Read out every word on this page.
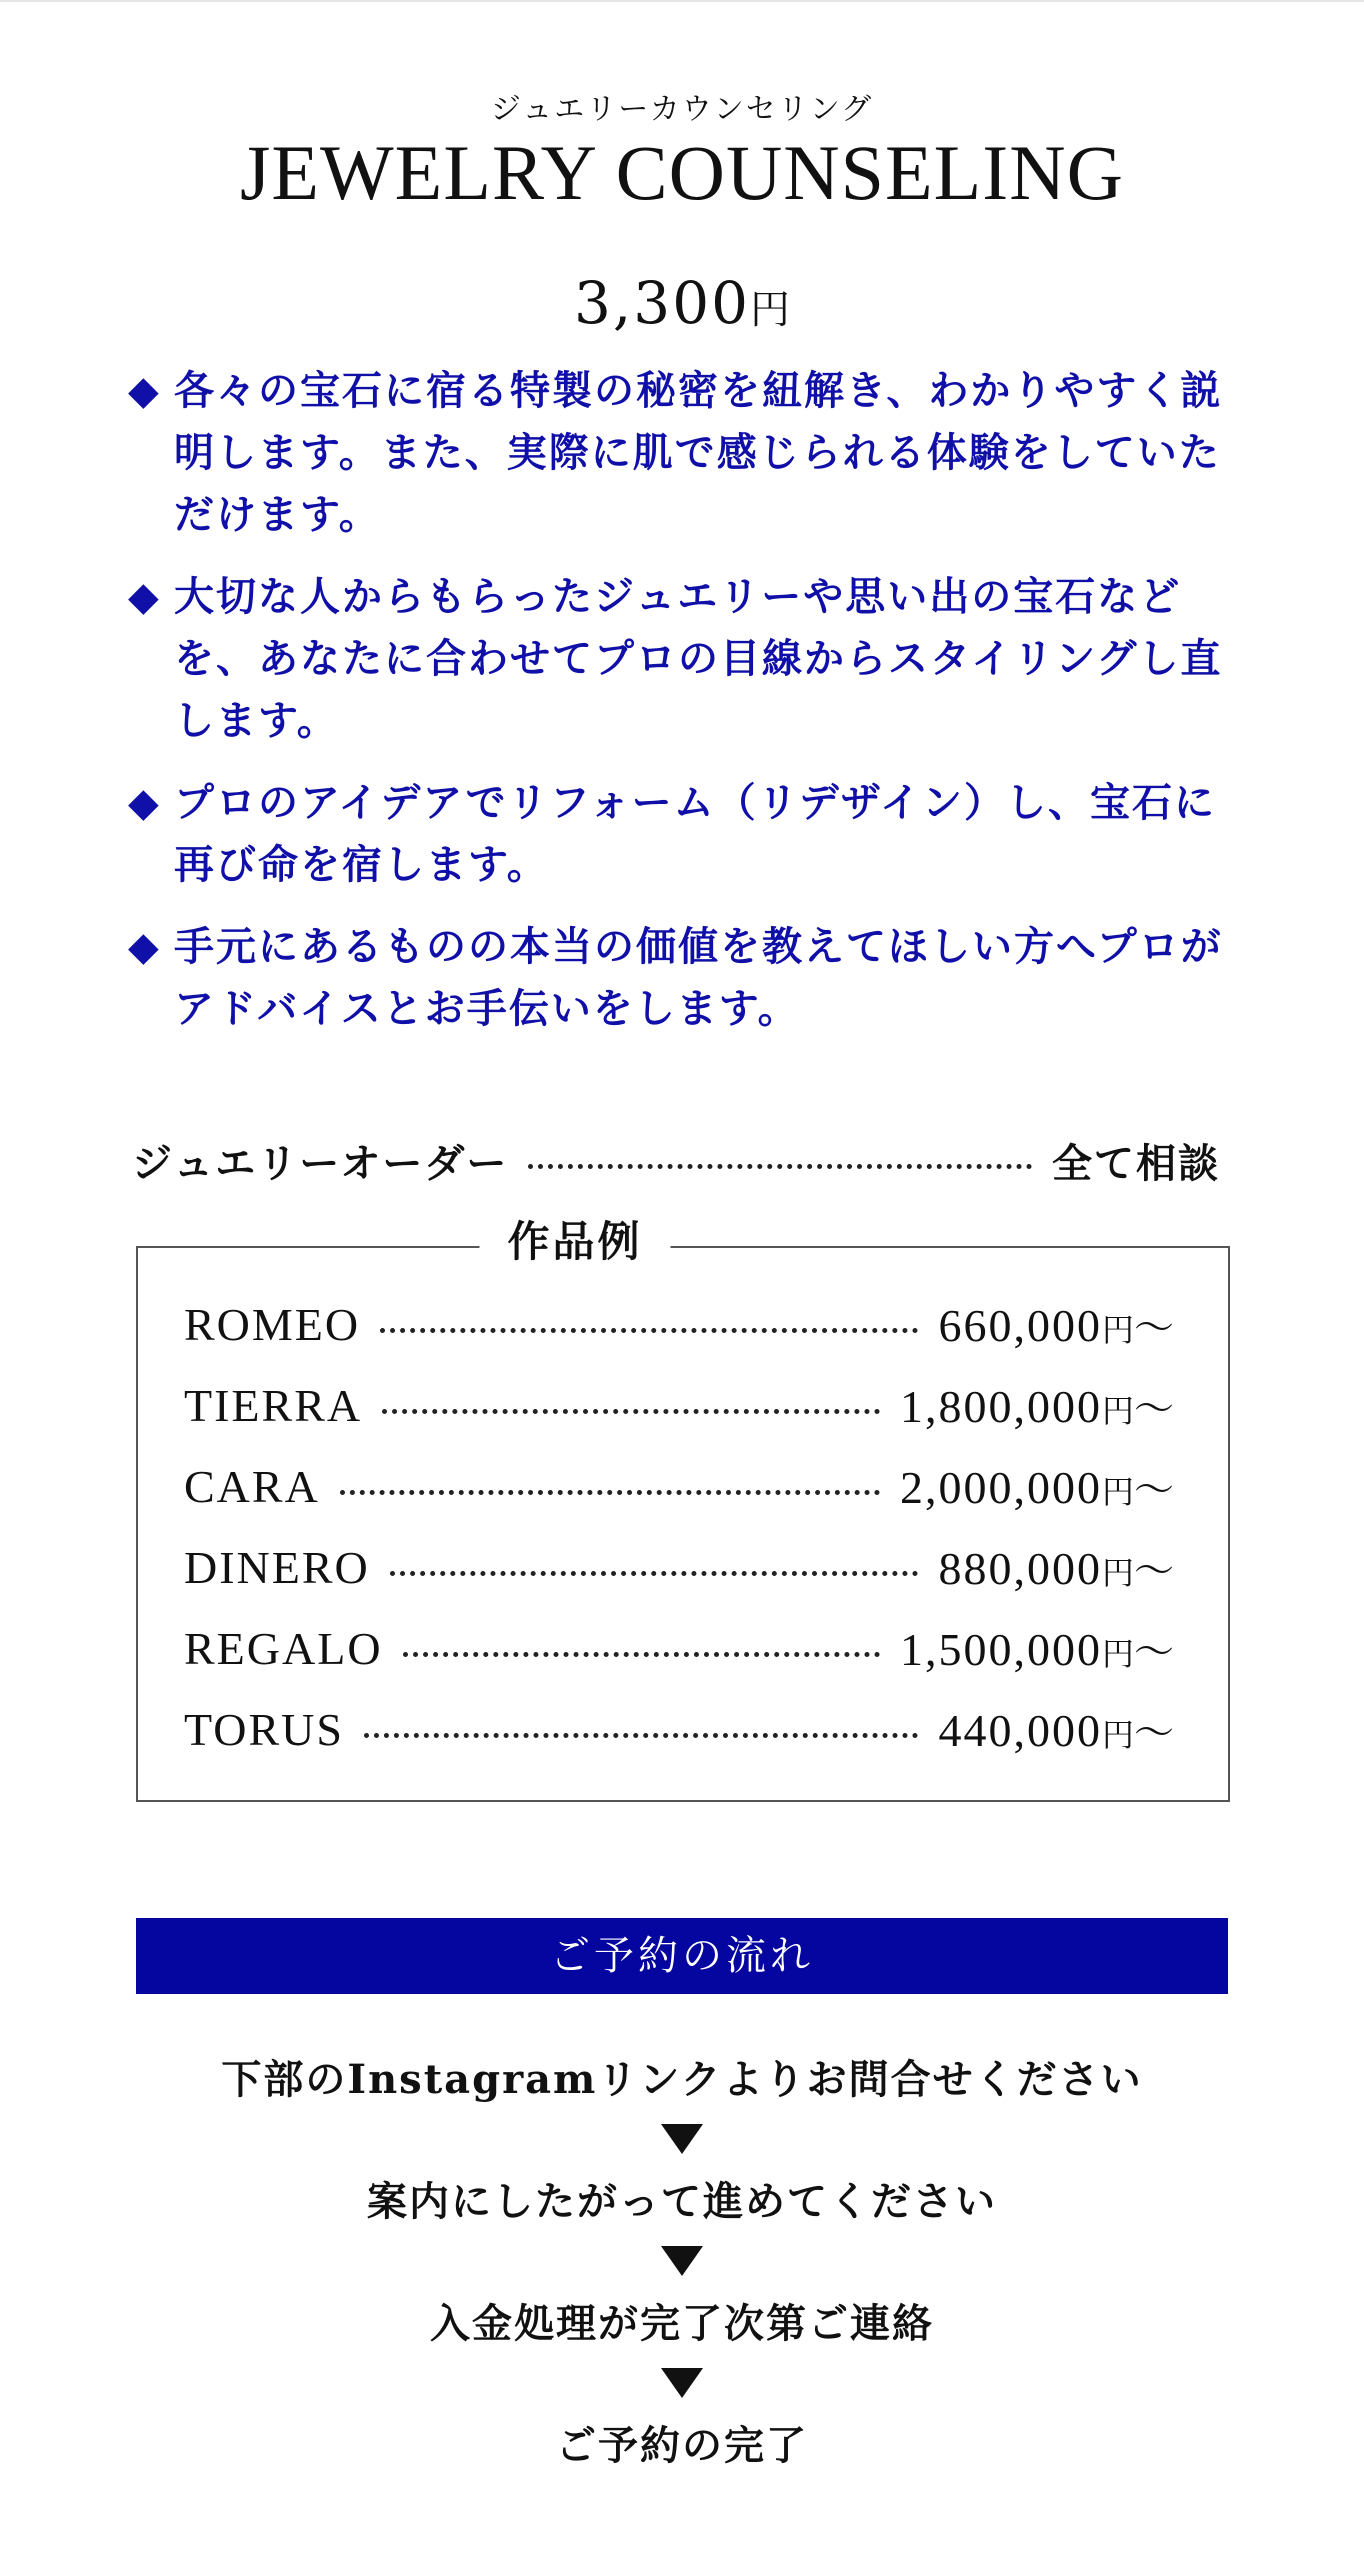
ジュエリーカウンセリング
JEWELRY COUNSELING
3,300円
◆ 各々の宝石に宿る特製の秘密を紐解き、わかりやすく説明します。また、実際に肌で感じられる体験をしていただけます。
◆ 大切な人からもらったジュエリーや思い出の宝石などを、あなたに合わせてプロの目線からスタイリングし直します。
◆ プロのアイデアでリフォーム（リデザイン）し、宝石に再び命を宿します。
◆ 手元にあるものの本当の価値を教えてほしい方へプロがアドバイスとお手伝いをします。
ジュエリーオーダー	全て相談
作品例
ROMEO	660,000円〜
TIERRA	1,800,000円〜
CARA	2,000,000円〜
DINERO	880,000円〜
REGALO	1,500,000円〜
TORUS	440,000円〜
ご予約の流れ
下部のInstagramリンクよりお問合せください
案内にしたがって進めてください
入金処理が完了次第ご連絡
ご予約の完了
